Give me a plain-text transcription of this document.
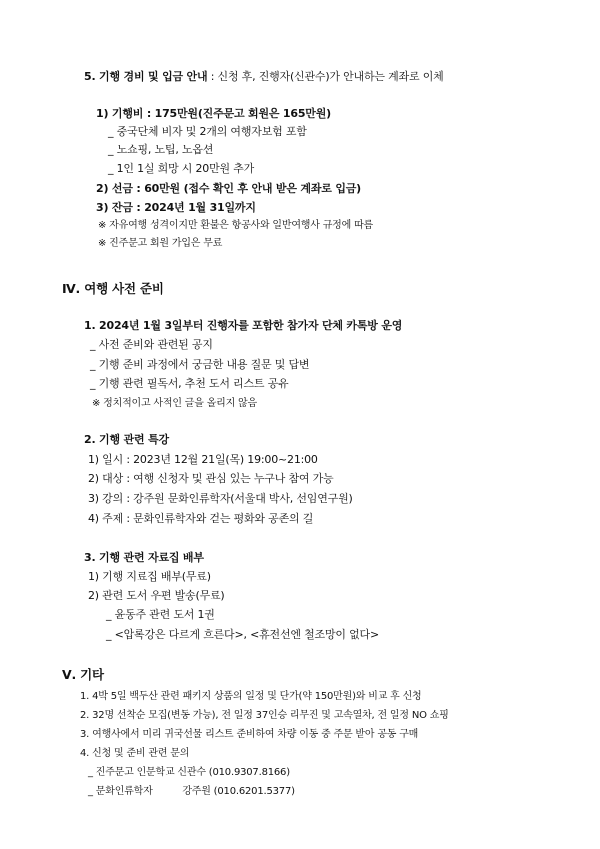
5. 기행 경비 및 입금 안내 : 신청 후, 진행자(신관수)가 안내하는 계좌로 이체
1) 기행비 : 175만원(진주문고 회원은 165만원)
_ 중국단체 비자 및 2개의 여행자보험 포함
_ 노쇼핑, 노팁, 노옵션
_ 1인 1실 희망 시 20만원 추가
2) 선금 : 60만원 (접수 확인 후 안내 받은 계좌로 입금)
3) 잔금 : 2024년 1월 31일까지
※ 자유여행 성격이지만 환불은 항공사와 일반여행사 규정에 따름
※ 진주문고 회원 가입은 무료
Ⅳ. 여행 사전 준비
1. 2024년 1월 3일부터 진행자를 포함한 참가자 단체 카톡방 운영
_ 사전 준비와 관련된 공지
_ 기행 준비 과정에서 궁금한 내용 질문 및 답변
_ 기행 관련 필독서, 추천 도서 리스트 공유
※ 정치적이고 사적인 글을 올리지 않음
2. 기행 관련 특강
1) 일시 : 2023년 12월 21일(목) 19:00~21:00
2) 대상 : 여행 신청자 및 관심 있는 누구나 참여 가능
3) 강의 : 강주원 문화인류학자(서울대 박사, 선임연구원)
4) 주제 : 문화인류학자와 걷는 평화와 공존의 길
3. 기행 관련 자료집 배부
1) 기행 지료집 배부(무료)
2) 관련 도서 우편 발송(무료)
_ 윤동주 관련 도서 1권
_ <압록강은 다르게 흐른다>, <휴전선엔 철조망이 없다>
Ⅴ. 기타
1. 4박 5일 백두산 관련 패키지 상품의 일정 및 단가(약 150만원)와 비교 후 신청
2. 32명 선착순 모집(변동 가능), 전 일정 37인승 리무진 및 고속열차, 전 일정 NO 쇼핑
3. 여행사에서 미리 귀국선물 리스트 준비하여 차량 이동 중 주문 받아 공동 구매
4. 신청 및 준비 관련 문의
_ 진주문고 인문학교 신관수 (010.9307.8166)
_ 문화인류학자          강주원 (010.6201.5377)
